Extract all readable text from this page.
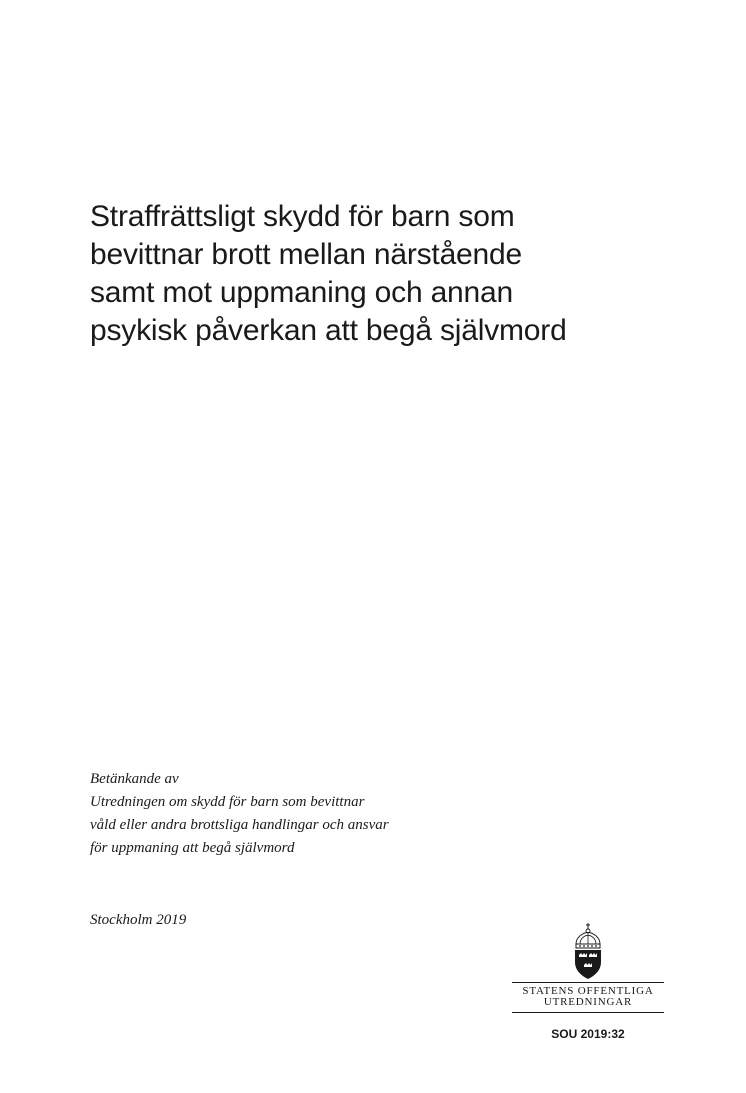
Straffrättsligt skydd för barn som
bevittnar brott mellan närstående
samt mot uppmaning och annan
psykisk påverkan att begå självmord
Betänkande av
Utredningen om skydd för barn som bevittnar
våld eller andra brottsliga handlingar och ansvar
för uppmaning att begå självmord
Stockholm 2019
STATENS OFFENTLIGA
UTREDNINGAR
SOU 2019:32
